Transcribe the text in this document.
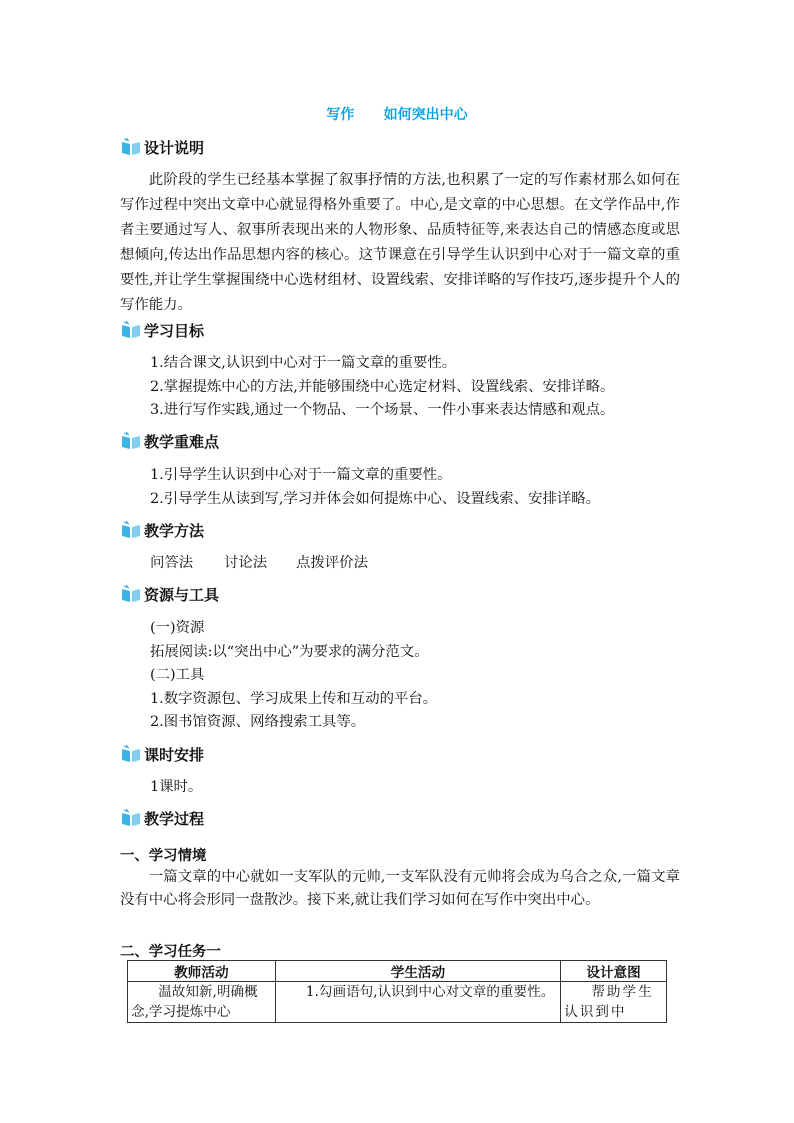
写作      如何突出中心
设计说明
此阶段的学生已经基本掌握了叙事抒情的方法,也积累了一定的写作素材那么如何在写作过程中突出文章中心就显得格外重要了。中心,是文章的中心思想。在文学作品中,作者主要通过写人、叙事所表现出来的人物形象、品质特征等,来表达自己的情感态度或思想倾向,传达出作品思想内容的核心。这节课意在引导学生认识到中心对于一篇文章的重要性,并让学生掌握围绕中心选材组材、设置线索、安排详略的写作技巧,逐步提升个人的写作能力。
学习目标
1.结合课文,认识到中心对于一篇文章的重要性。
2.掌握提炼中心的方法,并能够围绕中心选定材料、设置线索、安排详略。
3.进行写作实践,通过一个物品、一个场景、一件小事来表达情感和观点。
教学重难点
1.引导学生认识到中心对于一篇文章的重要性。
2.引导学生从读到写,学习并体会如何提炼中心、设置线索、安排详略。
教学方法
问答法 讨论法 点拨评价法
资源与工具
(一)资源
拓展阅读:以“突出中心”为要求的满分范文。
(二)工具
1.数字资源包、学习成果上传和互动的平台。
2.图书馆资源、网络搜索工具等。
课时安排
1课时。
教学过程
一、学习情境
一篇文章的中心就如一支军队的元帅,一支军队没有元帅将会成为乌合之众,一篇文章没有中心将会形同一盘散沙。接下来,就让我们学习如何在写作中突出中心。
二、学习任务一
教师活动	学生活动	设计意图
温故知新,明确概念,学习提炼中心	1.勾画语句,认识到中心对文章的重要性。	帮助学生认识到中
